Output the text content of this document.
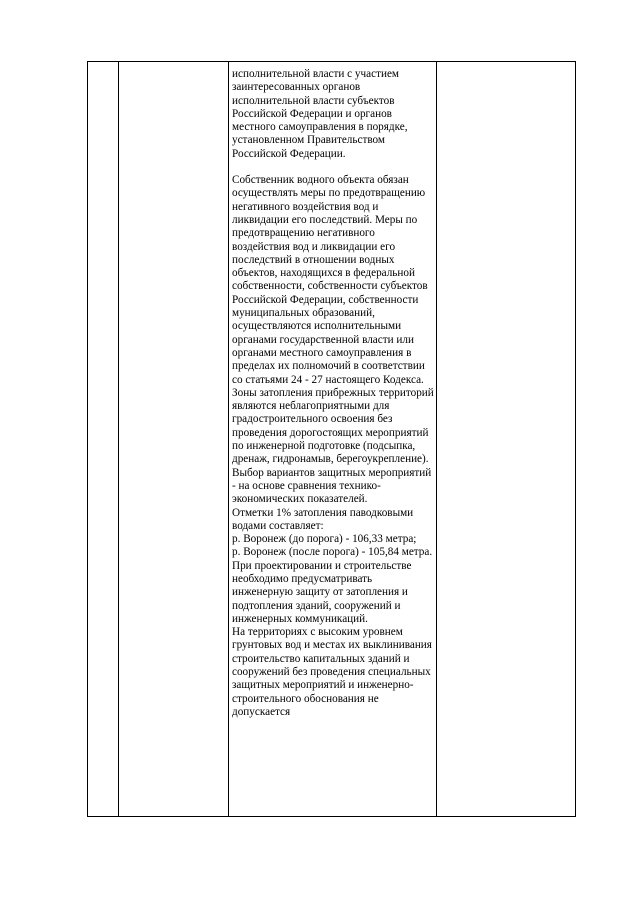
исполнительной власти с участием заинтересованных органов исполнительной власти субъектов Российской Федерации и органов местного самоуправления в порядке, установленном Правительством Российской Федерации.

Собственник водного объекта обязан осуществлять меры по предотвращению негативного воздействия вод и ликвидации его последствий. Меры по предотвращению негативного воздействия вод и ликвидации его последствий в отношении водных объектов, находящихся в федеральной собственности, собственности субъектов Российской Федерации, собственности муниципальных образований, осуществляются исполнительными органами государственной власти или органами местного самоуправления в пределах их полномочий в соответствии со статьями 24 - 27 настоящего Кодекса.

Зоны затопления прибрежных территорий являются неблагоприятными для градостроительного освоения без проведения дорогостоящих мероприятий по инженерной подготовке (подсыпка, дренаж, гидронамыв, берегоукрепление).

Выбор вариантов защитных мероприятий - на основе сравнения технико-экономических показателей.

Отметки 1% затопления паводковыми водами составляет:

р. Воронеж (до порога) - 106,33 метра;

р. Воронеж (после порога) - 105,84 метра.

При проектировании и строительстве необходимо предусматривать инженерную защиту от затопления и подтопления зданий, сооружений и инженерных коммуникаций.

На территориях с высоким уровнем грунтовых вод и местах их выклинивания строительство капитальных зданий и сооружений без проведения специальных защитных мероприятий и инженерно-строительного обоснования не допускается
